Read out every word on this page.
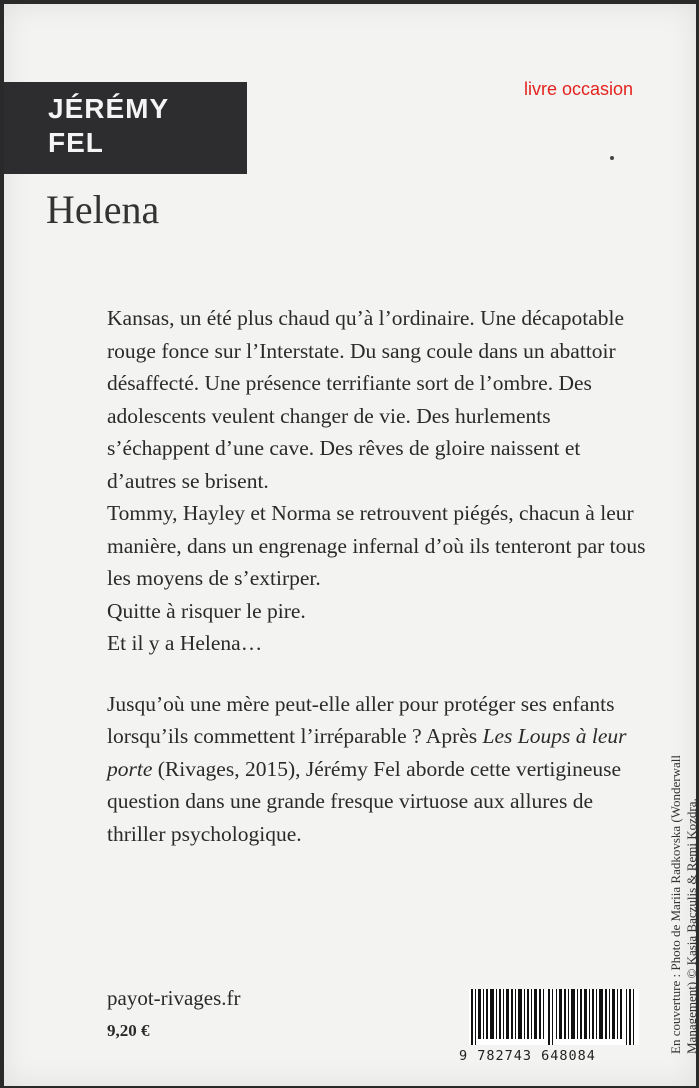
JÉRÉMY
FEL
livre occasion
Helena
Kansas, un été plus chaud qu’à l’ordinaire. Une décapotable rouge fonce sur l’Interstate. Du sang coule dans un abattoir désaffecté. Une présence terrifiante sort de l’ombre. Des adolescents veulent changer de vie. Des hurlements s’échappent d’une cave. Des rêves de gloire naissent et d’autres se brisent.
Tommy, Hayley et Norma se retrouvent piégés, chacun à leur manière, dans un engrenage infernal d’où ils tenteront par tous les moyens de s’extirper.
Quitte à risquer le pire.
Et il y a Helena…
Jusqu’où une mère peut-elle aller pour protéger ses enfants lorsqu’ils commettent l’irréparable ? Après Les Loups à leur porte (Rivages, 2015), Jérémy Fel aborde cette vertigineuse question dans une grande fresque virtuose aux allures de thriller psychologique.
payot-rivages.fr
9,20 €
9 782743 648084
En couverture : Photo de Mariia Radkovska (Wonderwall Management) © Kasia Baczulis & Remi Kozdra.
